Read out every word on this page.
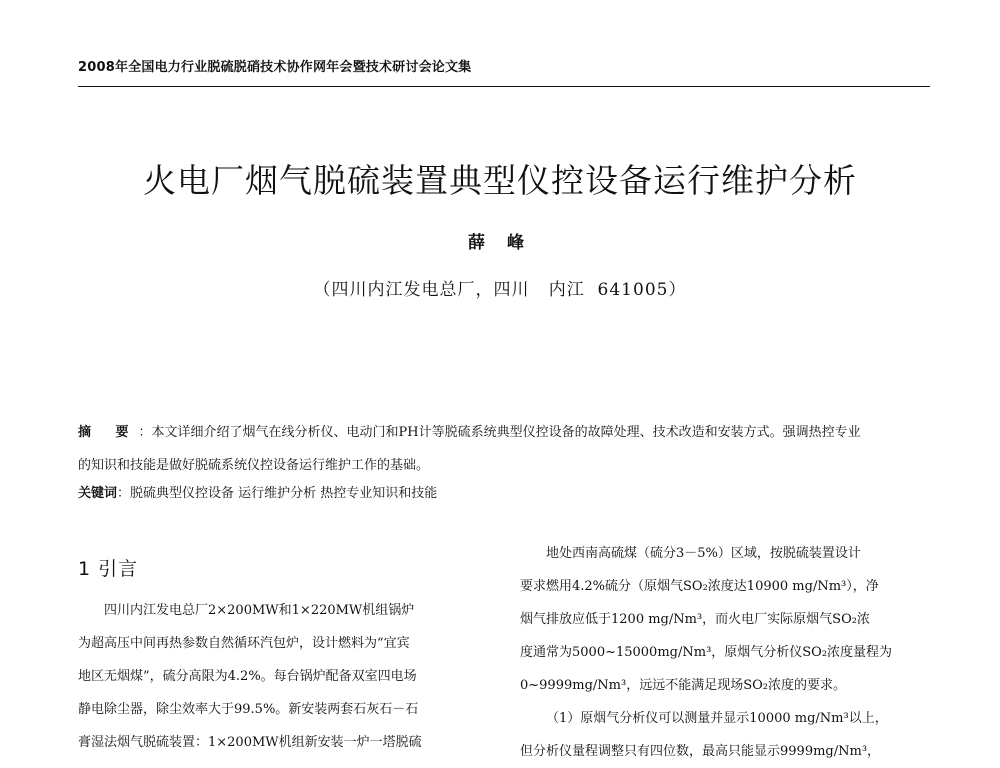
2008年全国电力行业脱硫脱硝技术协作网年会暨技术研讨会论文集
火电厂烟气脱硫装置典型仪控设备运行维护分析
薛 峰
（四川内江发电总厂，四川   内江  641005）
摘 要：本文详细介绍了烟气在线分析仪、电动门和PH计等脱硫系统典型仪控设备的故障处理、技术改造和安装方式。强调热控专业
的知识和技能是做好脱硫系统仪控设备运行维护工作的基础。
关键词：脱硫典型仪控设备 运行维护分析 热控专业知识和技能
1 引言

四川内江发电总厂2×200MW和1×220MW机组锅炉
为超高压中间再热参数自然循环汽包炉，设计燃料为“宜宾
地区无烟煤”，硫分高限为4.2%。每台锅炉配备双室四电场
静电除尘器，除尘效率大于99.5%。新安装两套石灰石－石
膏湿法烟气脱硫装置：1×200MW机组新安装一炉一塔脱硫

地处西南高硫煤（硫分3－5%）区域，按脱硫装置设计
要求燃用4.2%硫分（原烟气SO₂浓度达10900 mg/Nm³），净
烟气排放应低于1200 mg/Nm³，而火电厂实际原烟气SO₂浓
度通常为5000~15000mg/Nm³，原烟气分析仪SO₂浓度量程为
0~9999mg/Nm³，远远不能满足现场SO₂浓度的要求。

（1）原烟气分析仪可以测量并显示10000 mg/Nm³以上，
但分析仪量程调整只有四位数，最高只能显示9999mg/Nm³，
